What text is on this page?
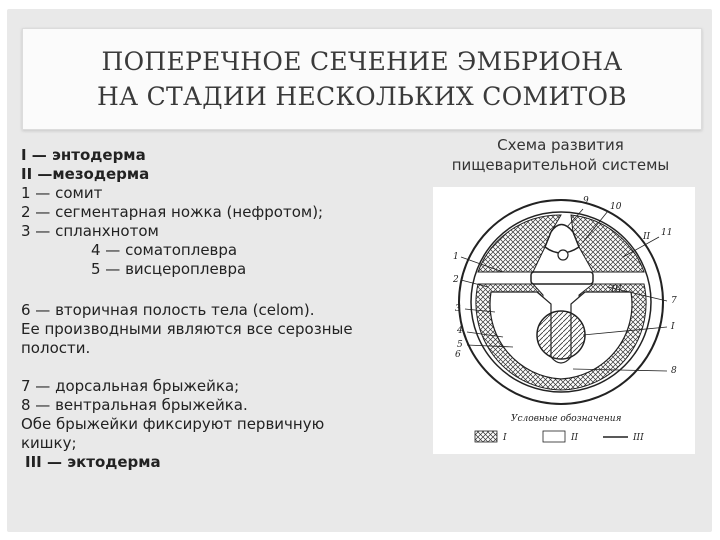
ПОПЕРЕЧНОЕ СЕЧЕНИЕ ЭМБРИОНА
НА СТАДИИ НЕСКОЛЬКИХ СОМИТОВ
I — энтодерма
II —мезодерма
1 — сомит
2 — сегментарная ножка (нефротом);
3 — спланхнотом
4 — соматоплевра
5 — висцероплевра
6 — вторичная полость тела (celom).
Ее производными являются все серозные
полости.
7 — дорсальная брыжейка;
8 — вентральная брыжейка.
Обе брыжейки фиксируют первичную
кишку;
III — эктодерма
Схема развития
пищеварительной системы
1
2
3
4
5
9
10
11
7
8
II
I
III
6
Условные обозначения
I	II	III
